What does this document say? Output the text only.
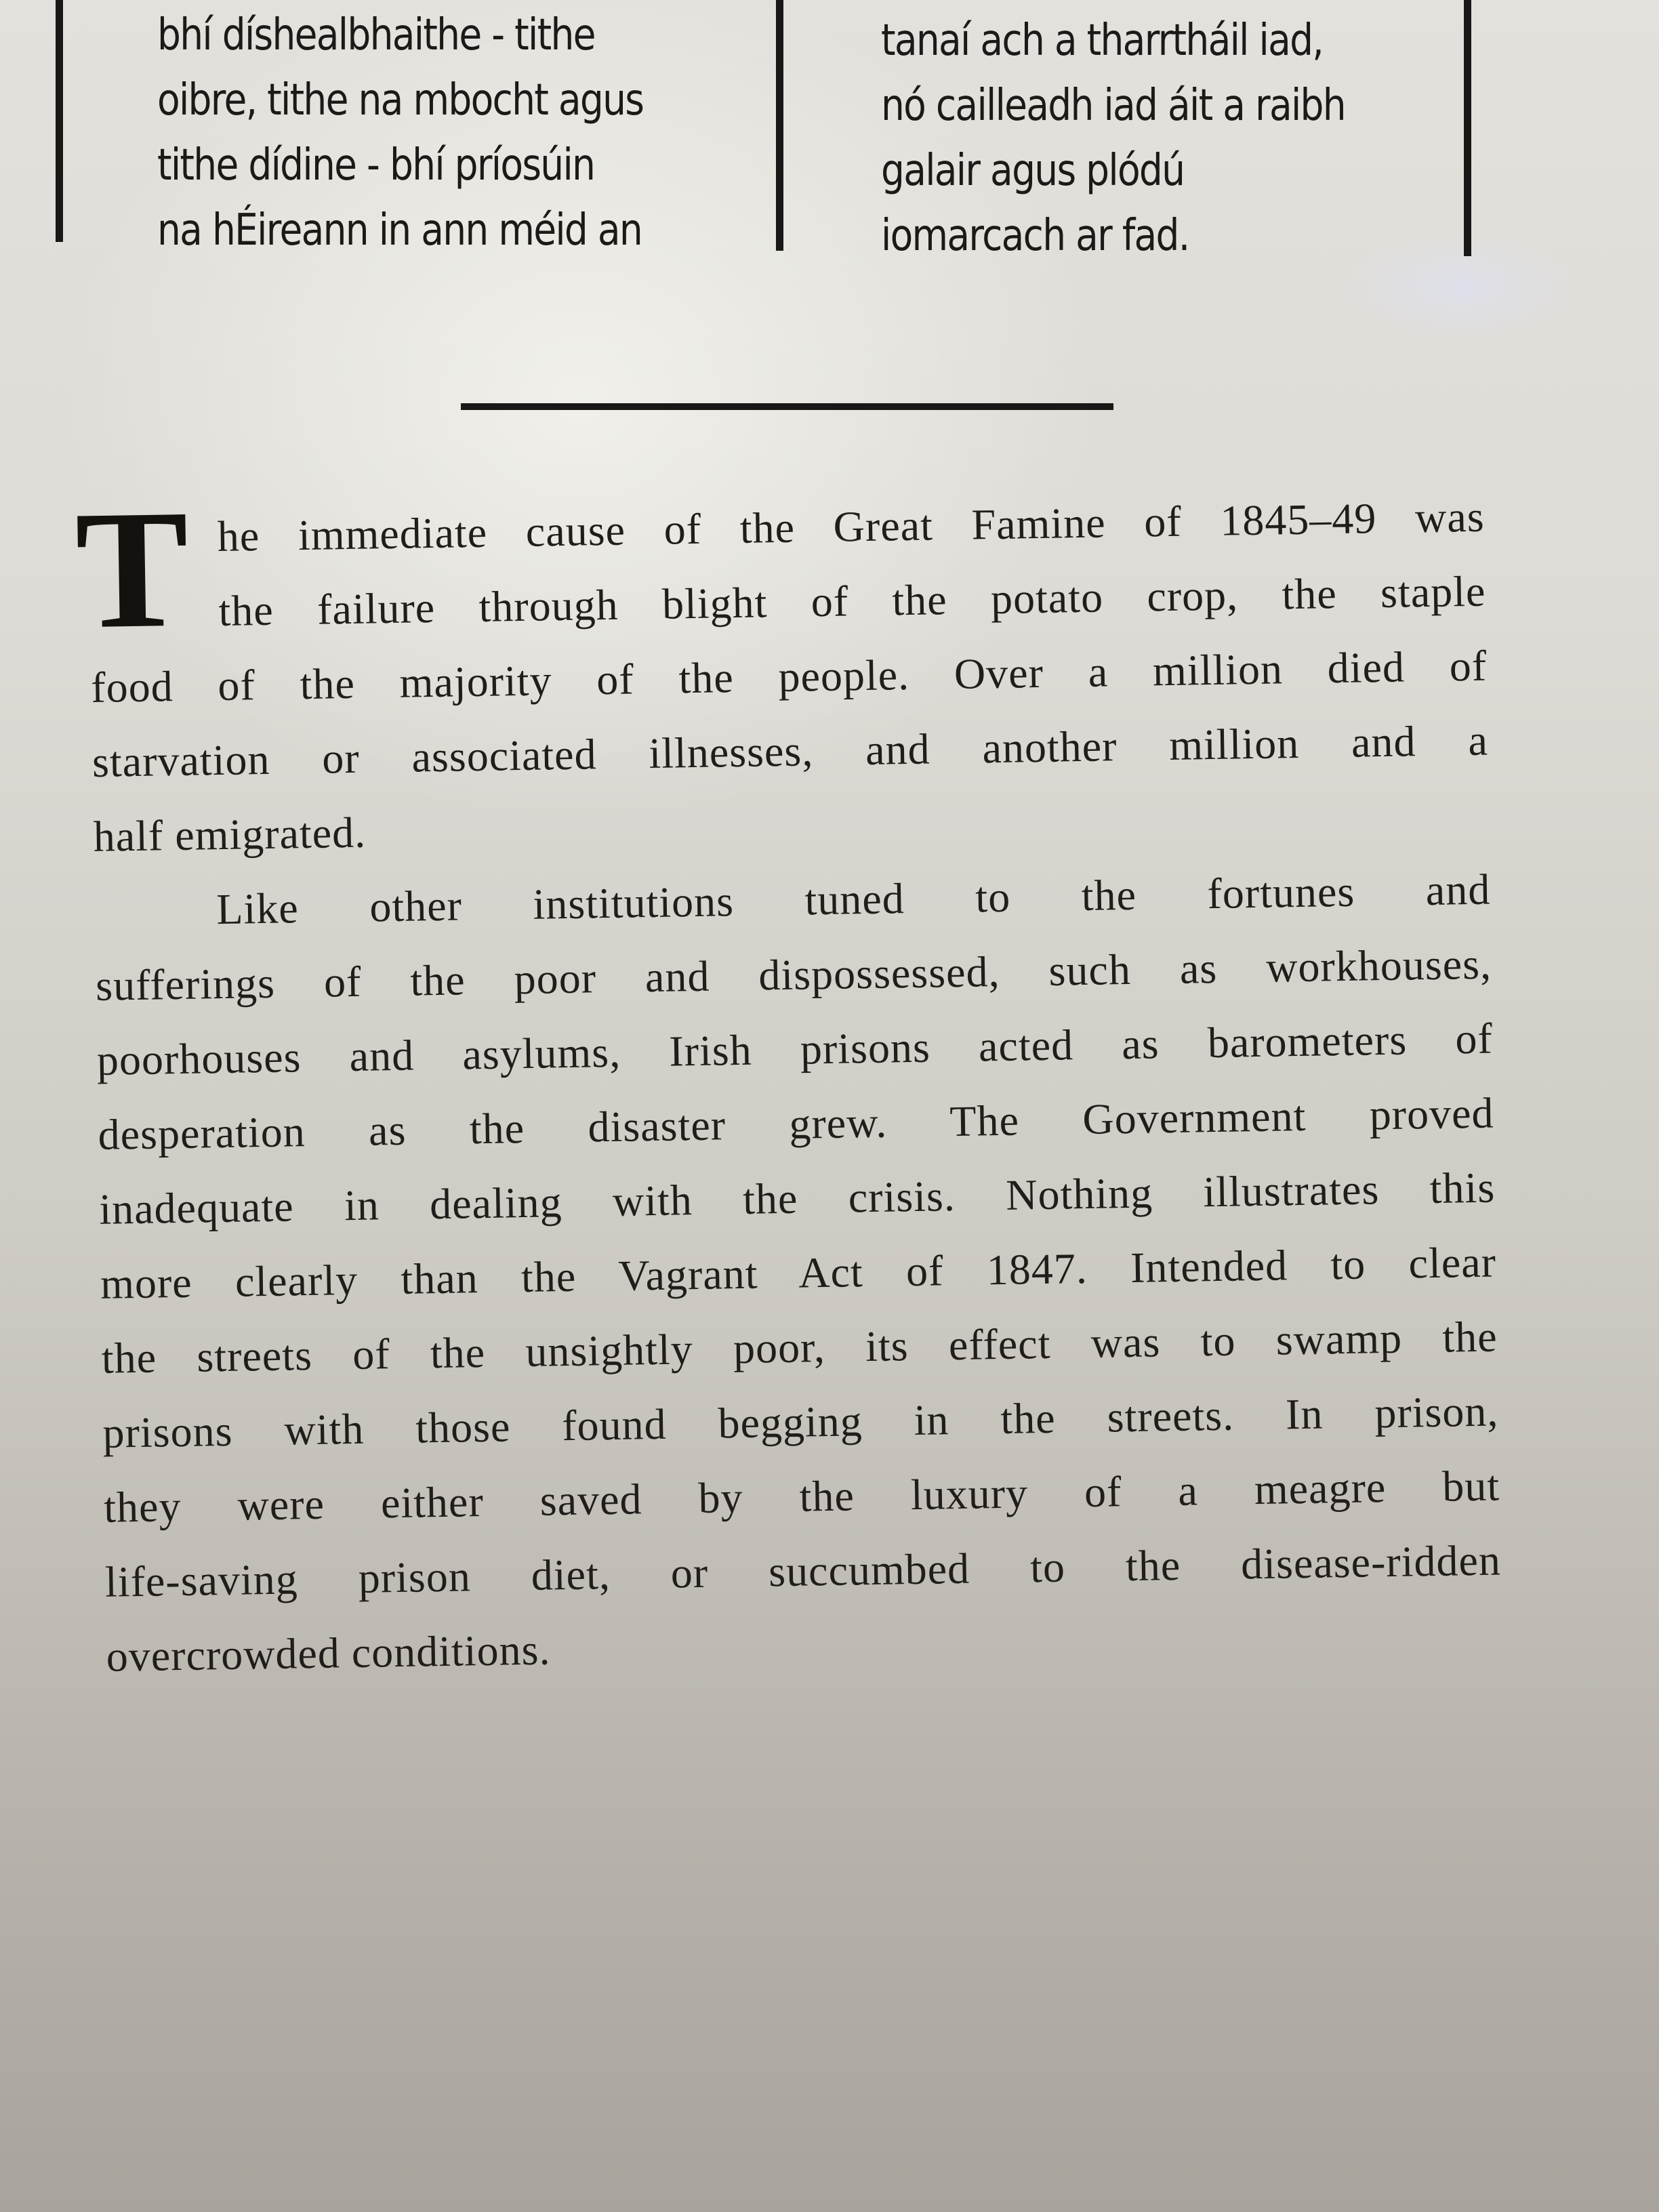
bhí díshealbhaithe - tithe
oibre, tithe na mbocht agus
tithe dídine - bhí príosúin
na hÉireann in ann méid an
tanaí ach a tharrtháil iad,
nó cailleadh iad áit a raibh
galair agus plódú
iomarcach ar fad.
T he immediate cause of the Great Famine of 1845–49 was
the failure through blight of the potato crop, the staple
food of the majority of the people. Over a million died of
starvation or associated illnesses, and another million and a
half emigrated.
Like other institutions tuned to the fortunes and
sufferings of the poor and dispossessed, such as workhouses,
poorhouses and asylums, Irish prisons acted as barometers of
desperation as the disaster grew. The Government proved
inadequate in dealing with the crisis. Nothing illustrates this
more clearly than the Vagrant Act of 1847. Intended to clear
the streets of the unsightly poor, its effect was to swamp the
prisons with those found begging in the streets. In prison,
they were either saved by the luxury of a meagre but
life-saving prison diet, or succumbed to the disease-ridden
overcrowded conditions.
